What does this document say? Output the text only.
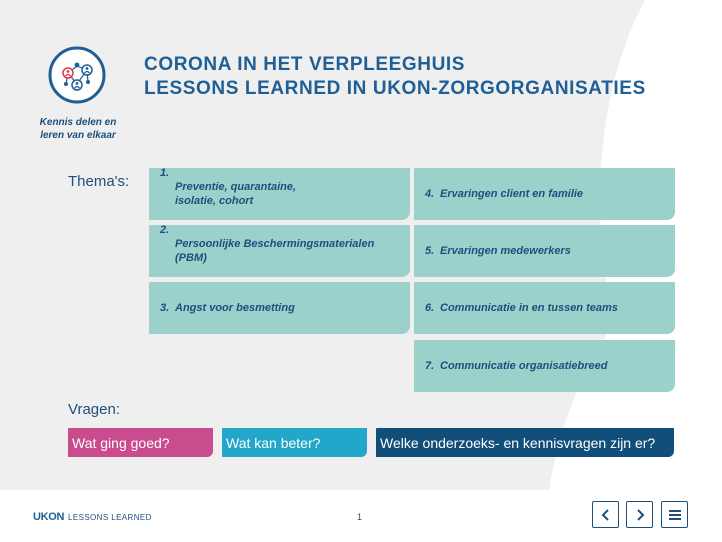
Kennis delen en
leren van elkaar
CORONA IN HET VERPLEEGHUIS
LESSONS LEARNED IN UKON-ZORGORGANISATIES
Thema's:	1.
Preventie, quarantaine,
isolatie, cohort
2.
Persoonlijke Beschermingsmaterialen
(PBM)
3. Angst voor besmetting
4. Ervaringen client en familie
5. Ervaringen medewerkers
6. Communicatie in en tussen teams
7. Communicatie organisatiebreed
Vragen:
Wat ging goed?	Wat kan beter?	Welke onderzoeks- en kennisvragen zijn er?
UKON LESSONS LEARNED	1
